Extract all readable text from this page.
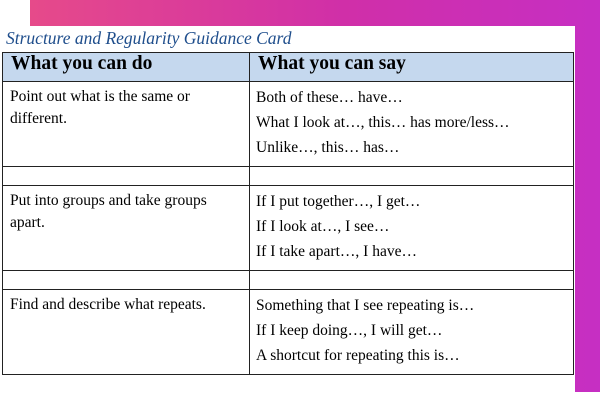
Structure and Regularity Guidance Card
What you can do	What you can say
Point out what is the same or different.	Both of these… have…
What I look at…, this… has more/less…
Unlike…, this… has…

Put into groups and take groups apart.	If I put together…, I get…
If I look at…, I see…
If I take apart…, I have…

Find and describe what repeats.	Something that I see repeating is…
If I keep doing…, I will get…
A shortcut for repeating this is…
